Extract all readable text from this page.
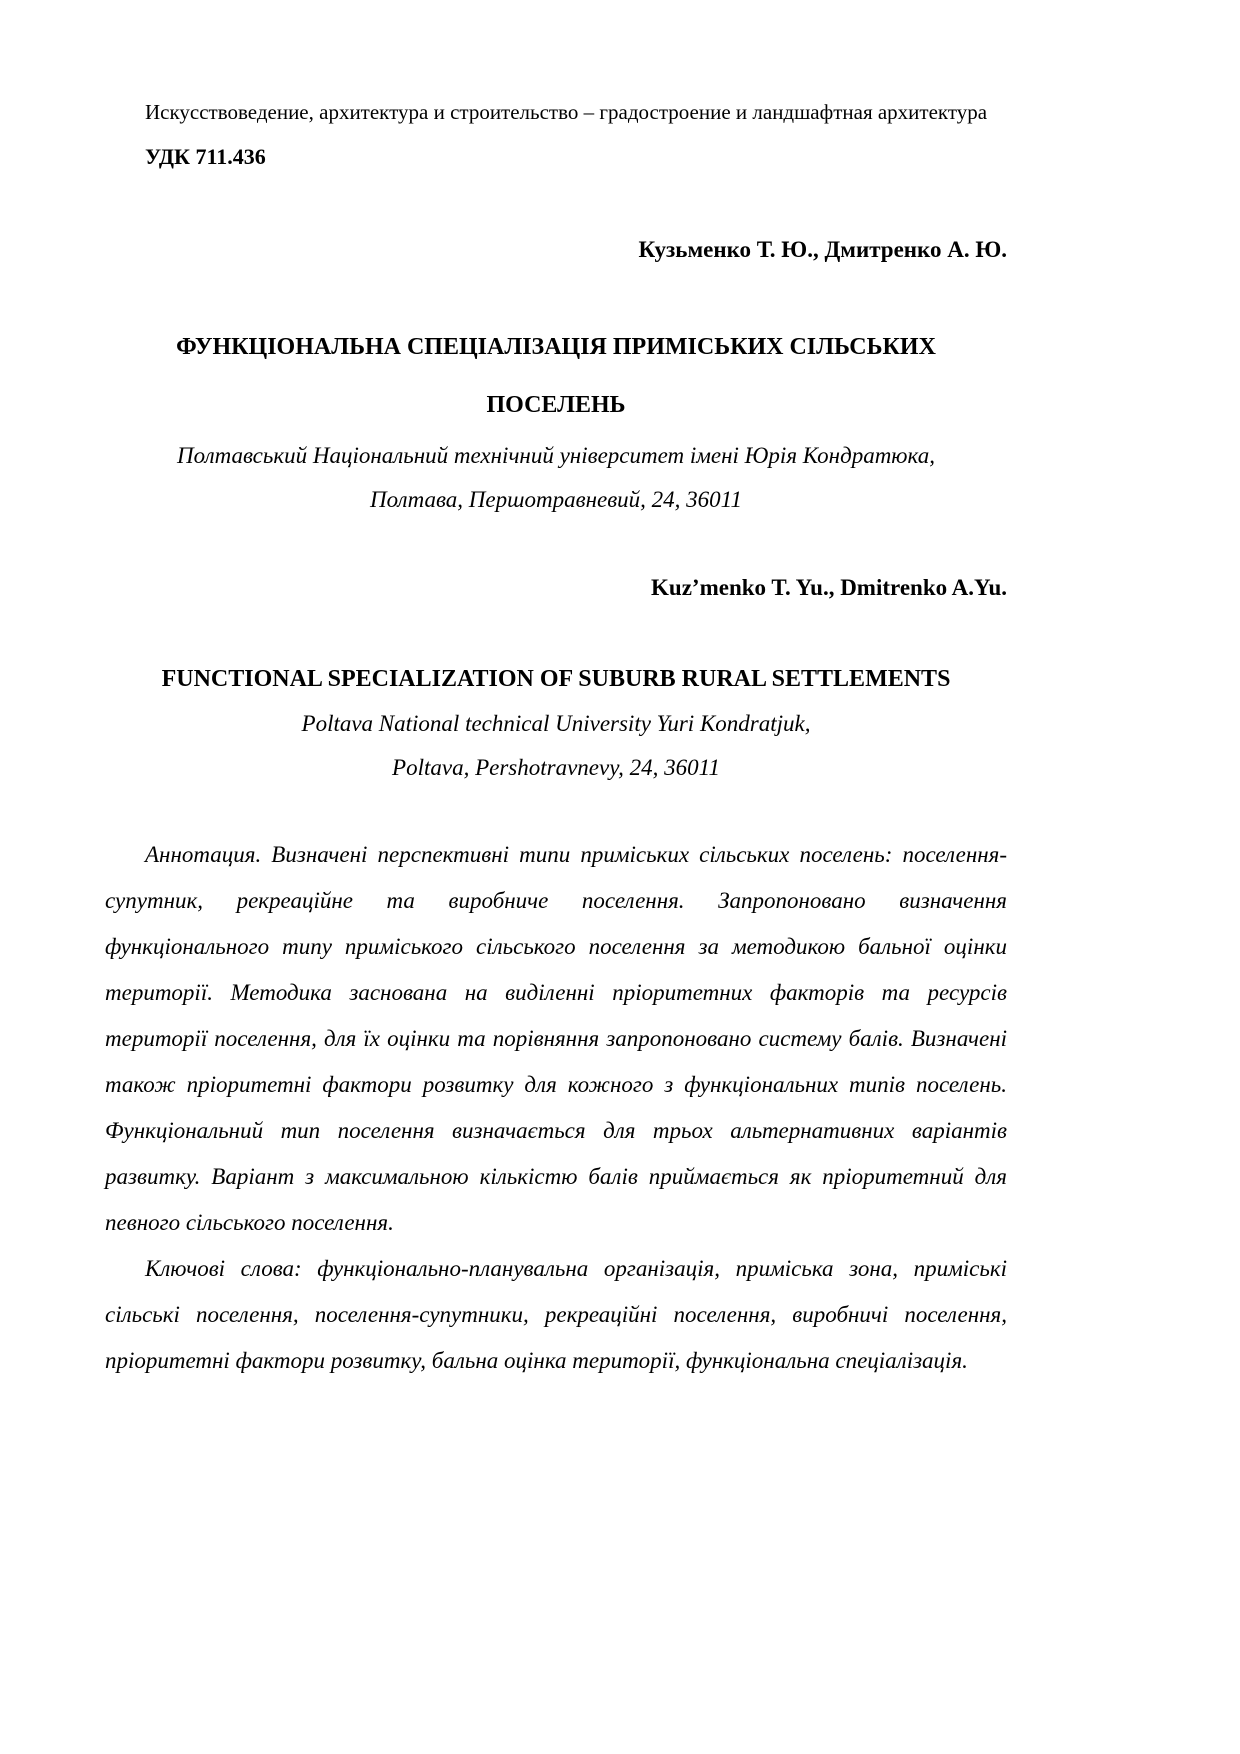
Искусствоведение, архитектура и строительство – градостроение и ландшафтная архитектура
УДК 711.436
Кузьменко Т. Ю., Дмитренко А. Ю.
ФУНКЦІОНАЛЬНА СПЕЦІАЛІЗАЦІЯ ПРИМІСЬКИХ СІЛЬСЬКИХ ПОСЕЛЕНЬ
Полтавський Національний технічний університет імені Юрія Кондратюка,
Полтава, Першотравневий, 24, 36011
Kuz’menko T. Yu., Dmitrenko A.Yu.
FUNCTIONAL SPECIALIZATION OF SUBURB RURAL SETTLEMENTS
Poltava National technical University Yuri Kondratjuk,
Poltava, Pershotravnevy, 24, 36011
Аннотация. Визначені перспективні типи приміських сільських поселень: поселення-супутник, рекреаційне та виробниче поселення. Запропоновано визначення функціонального типу приміського сільського поселення за методикою бальної оцінки території. Методика заснована на виділенні пріоритетних факторів та ресурсів території поселення, для їх оцінки та порівняння запропоновано систему балів. Визначені також пріоритетні фактори розвитку для кожного з функціональних типів поселень. Функціональний тип поселення визначається для трьох альтернативних варіантів развитку. Варіант з максимальною кількістю балів приймається як пріоритетний для певного сільського поселення.
Ключові слова: функціонально-планувальна організація, приміська зона, приміські сільські поселення, поселення-супутники, рекреаційні поселення, виробничі поселення, пріоритетні фактори розвитку, бальна оцінка території, функціональна спеціалізація.
